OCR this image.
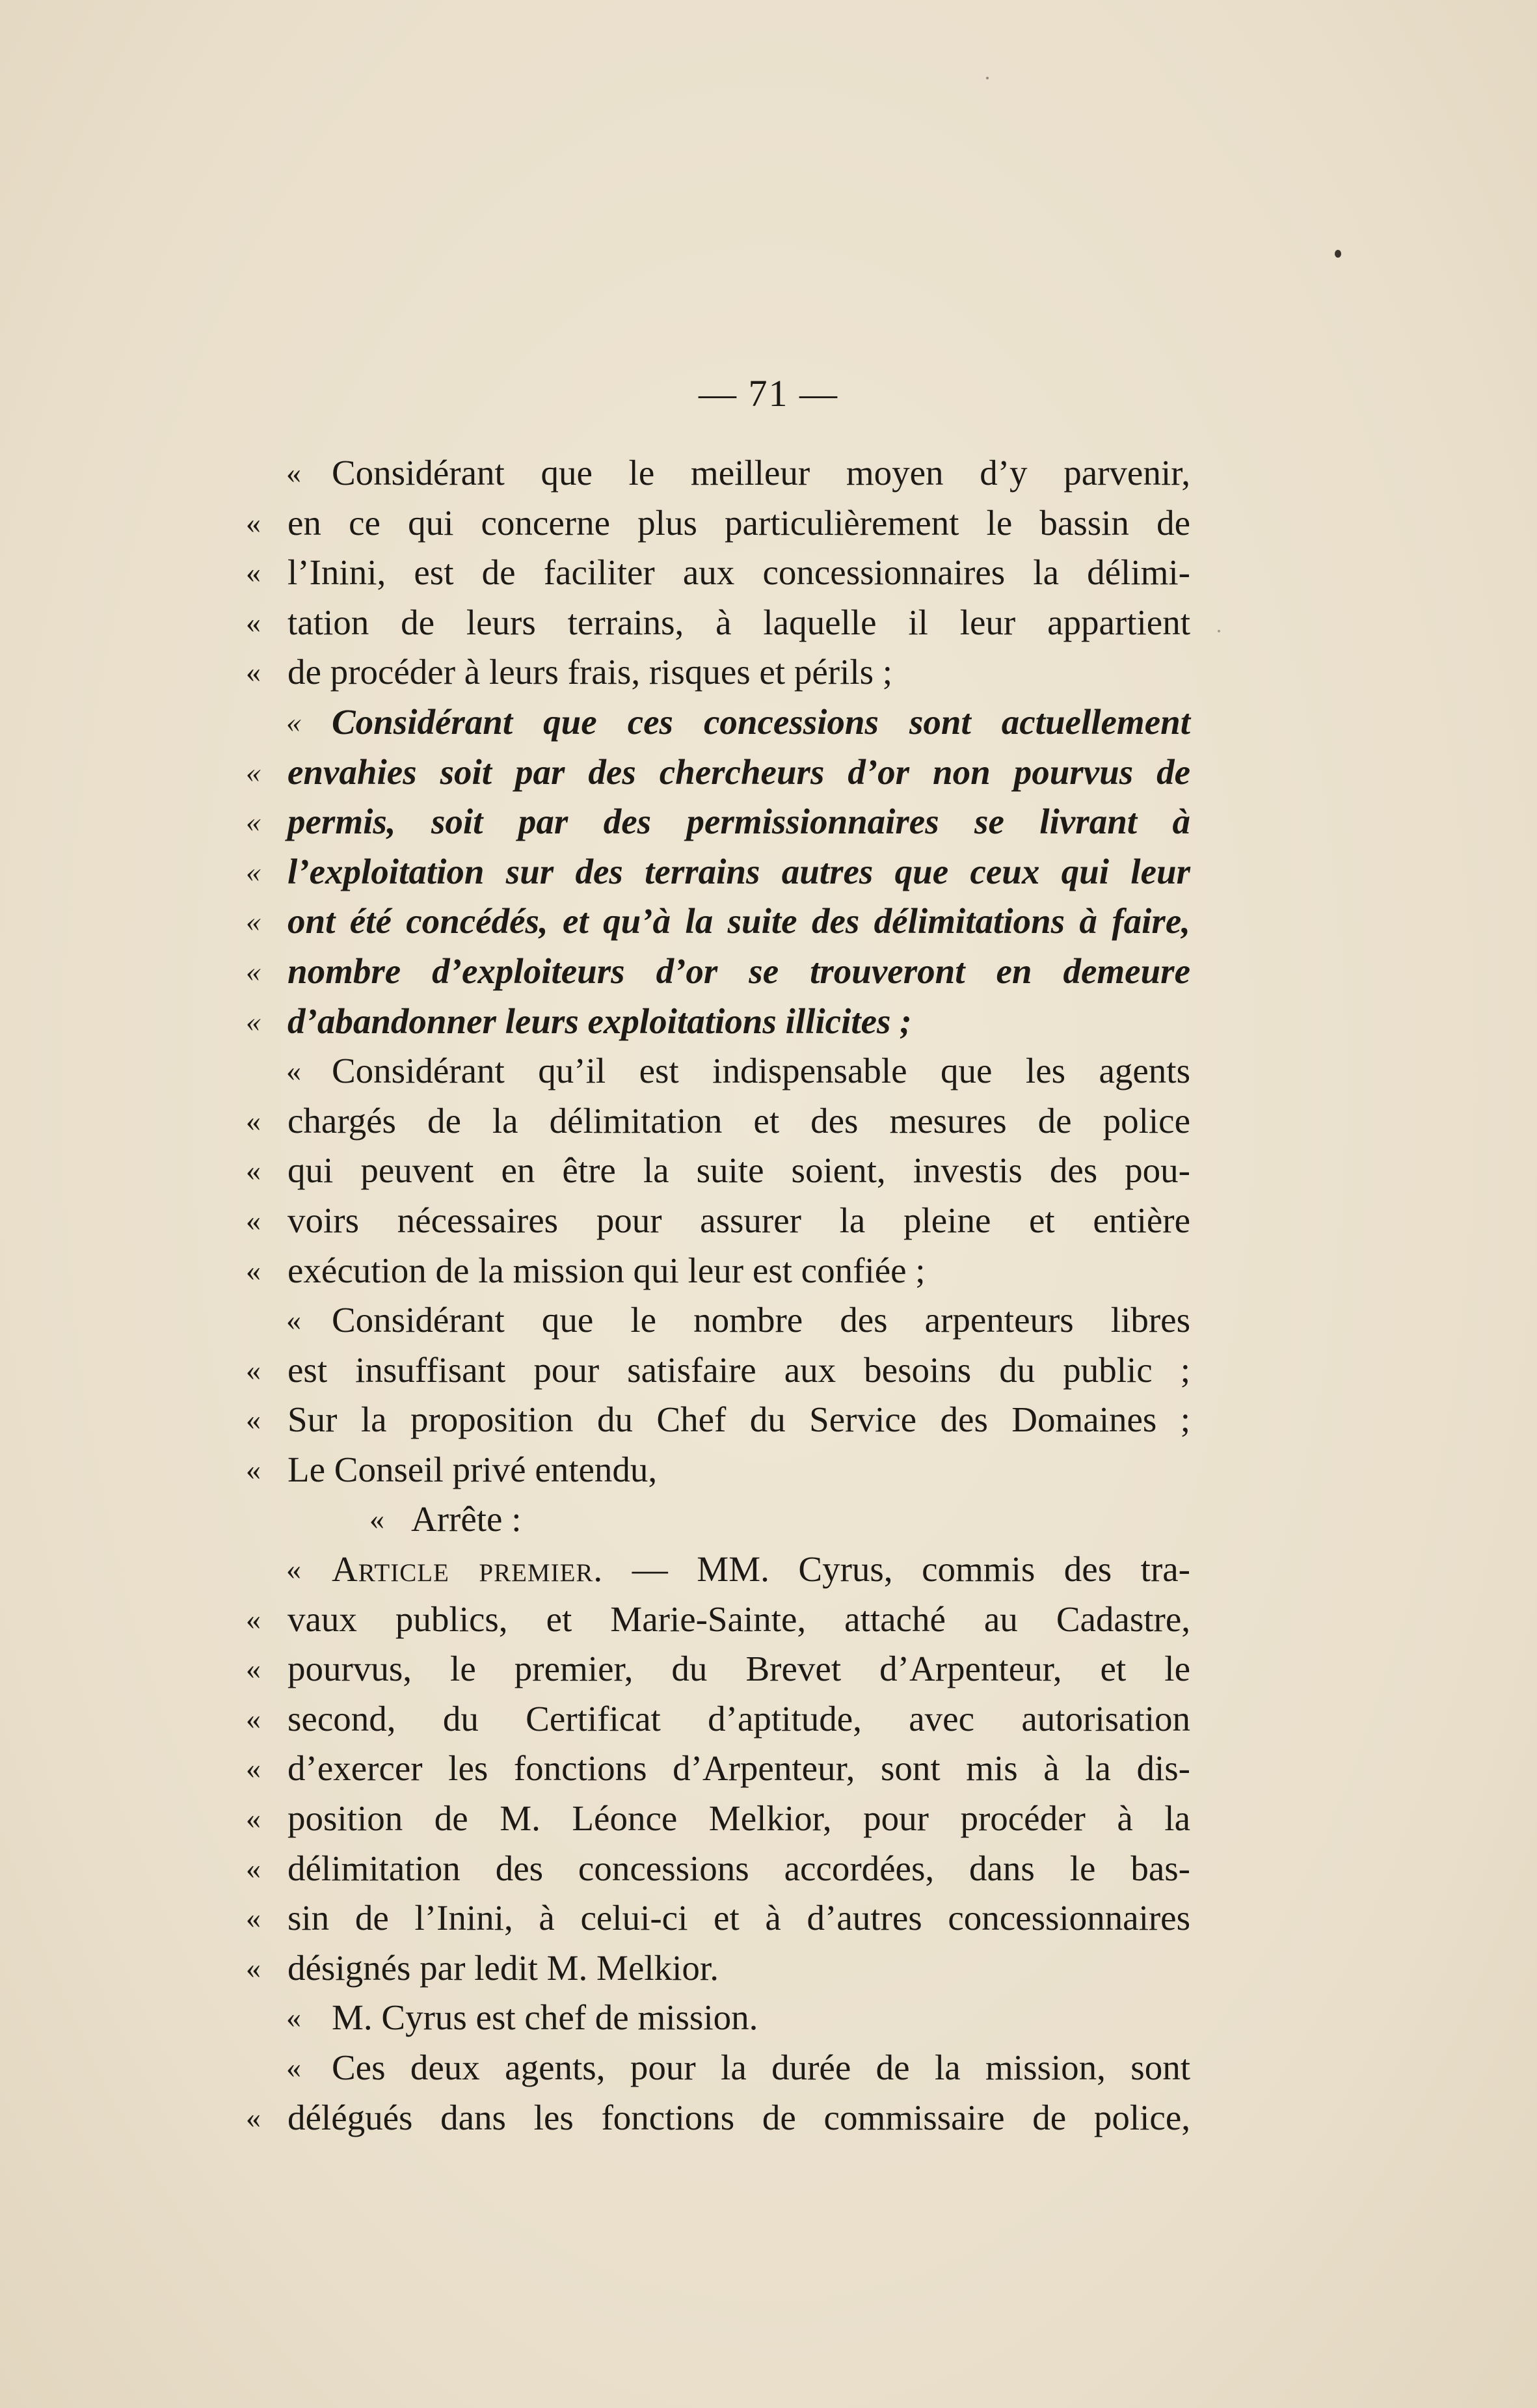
— 71 —
« Considérant que le meilleur moyen d’y parvenir,
« en ce qui concerne plus particulièrement le bassin de
« l’Inini, est de faciliter aux concessionnaires la délimi-
« tation de leurs terrains, à laquelle il leur appartient
« de procéder à leurs frais, risques et périls ;
« Considérant que ces concessions sont actuellement
« envahies soit par des chercheurs d’or non pourvus de
« permis, soit par des permissionnaires se livrant à
« l’exploitation sur des terrains autres que ceux qui leur
« ont été concédés, et qu’à la suite des délimitations à faire,
« nombre d’exploiteurs d’or se trouveront en demeure
« d’abandonner leurs exploitations illicites ;
« Considérant qu’il est indispensable que les agents
« chargés de la délimitation et des mesures de police
« qui peuvent en être la suite soient, investis des pou-
« voirs nécessaires pour assurer la pleine et entière
« exécution de la mission qui leur est confiée ;
« Considérant que le nombre des arpenteurs libres
« est insuffisant pour satisfaire aux besoins du public ;
« Sur la proposition du Chef du Service des Domaines ;
« Le Conseil privé entendu,
« Arrête :
« Article premier. — MM. Cyrus, commis des tra-
« vaux publics, et Marie-Sainte, attaché au Cadastre,
« pourvus, le premier, du Brevet d’Arpenteur, et le
« second, du Certificat d’aptitude, avec autorisation
« d’exercer les fonctions d’Arpenteur, sont mis à la dis-
« position de M. Léonce Melkior, pour procéder à la
« délimitation des concessions accordées, dans le bas-
« sin de l’Inini, à celui-ci et à d’autres concessionnaires
« désignés par ledit M. Melkior.
« M. Cyrus est chef de mission.
« Ces deux agents, pour la durée de la mission, sont
« délégués dans les fonctions de commissaire de police,
